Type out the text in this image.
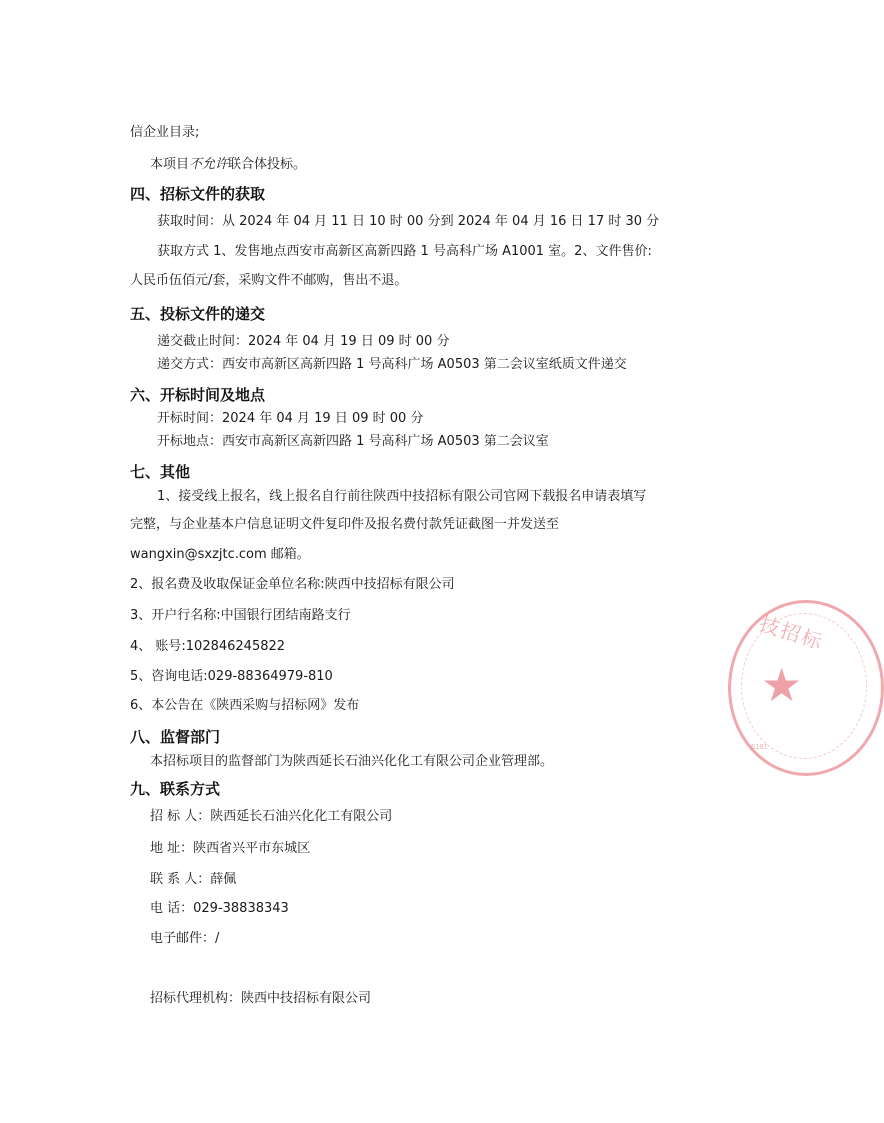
信企业目录;
本项目不允许联合体投标。
四、招标文件的获取
获取时间：从 2024 年 04 月 11 日 10 时 00 分到 2024 年 04 月 16 日 17 时 30 分
获取方式 1、发售地点西安市高新区高新四路 1 号高科广场 A1001 室。2、文件售价:
人民币伍佰元/套，采购文件不邮购，售出不退。
五、投标文件的递交
递交截止时间：2024 年 04 月 19 日 09 时 00 分
递交方式：西安市高新区高新四路 1 号高科广场 A0503 第二会议室纸质文件递交
六、开标时间及地点
开标时间：2024 年 04 月 19 日 09 时 00 分
开标地点：西安市高新区高新四路 1 号高科广场 A0503 第二会议室
七、其他
1、接受线上报名，线上报名自行前往陕西中技招标有限公司官网下载报名申请表填写
完整，与企业基本户信息证明文件复印件及报名费付款凭证截图一并发送至
wangxin@sxzjtc.com 邮箱。
2、报名费及收取保证金单位名称:陕西中技招标有限公司
3、开户行名称:中国银行团结南路支行
4、 账号:102846245822
5、咨询电话:029-88364979-810
6、本公告在《陕西采购与招标网》发布
八、监督部门
本招标项目的监督部门为陕西延长石油兴化化工有限公司企业管理部。
九、联系方式
招 标 人：陕西延长石油兴化化工有限公司
地 址：陕西省兴平市东城区
联 系 人：薛佩
电 话：029-38838343
电子邮件：/
招标代理机构：陕西中技招标有限公司
技招标
★
6101
